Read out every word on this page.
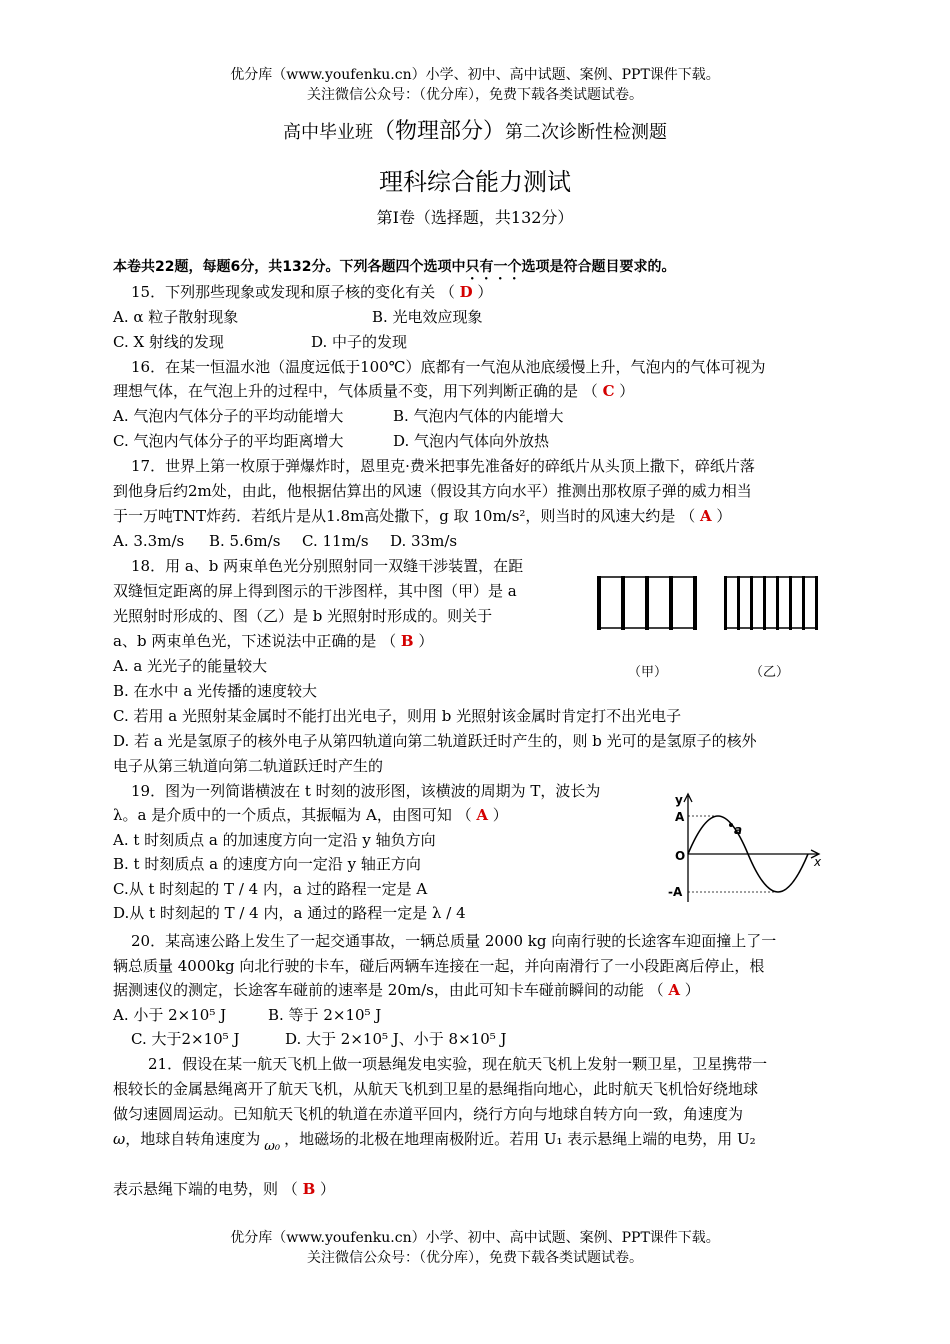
优分库（www.youfenku.cn）小学、初中、高中试题、案例、PPT课件下载。
关注微信公众号：（优分库），免费下载各类试题试卷。
高中毕业班（物理部分）第二次诊断性检测题
理科综合能力测试
第Ⅰ卷（选择题，共132分）
本卷共22题，每题6分，共132分。下列各题四个选项中只有一个选项是符合题目要求的。
15．下列那些现象或发现和原子核的变化有关 （ D ）
A. α 粒子散射现象	B. 光电效应现象
C. X 射线的发现	D. 中子的发现
16．在某一恒温水池（温度远低于100℃）底都有一气泡从池底缓慢上升，气泡内的气体可视为
理想气体，在气泡上升的过程中，气体质量不变，用下列判断正确的是 （ C ）
A. 气泡内气体分子的平均动能增大	B. 气泡内气体的内能增大
C. 气泡内气体分子的平均距离增大	D. 气泡内气体向外放热
17．世界上第一枚原于弹爆炸时，恩里克·费米把事先准备好的碎纸片从头顶上撒下，碎纸片落
到他身后约2m处，由此，他根据估算出的风速（假设其方向水平）推测出那枚原子弹的威力相当
于一万吨TNT炸药．若纸片是从1.8m高处撒下，g 取 10m/s²，则当时的风速大约是 （ A ）
A. 3.3m/s B. 5.6m/s C. 11m/s D. 33m/s
18．用 a、b 两束单色光分别照射同一双缝干涉装置，在距
双缝恒定距离的屏上得到图示的干涉图样，其中图（甲）是 a
光照射时形成的、图（乙）是 b 光照射时形成的。则关于
a、b 两束单色光，下述说法中正确的是 （ B ）
A. a 光光子的能量较大
B. 在水中 a 光传播的速度较大
C. 若用 a 光照射某金属时不能打出光电子，则用 b 光照射该金属时肯定打不出光电子
D. 若 a 光是氢原子的核外电子从第四轨道向第二轨道跃迁时产生的，则 b 光可的是氢原子的核外
电子从第三轨道向第二轨道跃迁时产生的
（甲）	（乙）
19．图为一列简谐横波在 t 时刻的波形图，该横波的周期为 T，波长为
λ。a 是介质中的一个质点，其振幅为 A，由图可知 （ A ）
A. t 时刻质点 a 的加速度方向一定沿 y 轴负方向
B. t 时刻质点 a 的速度方向一定沿 y 轴正方向
C.从 t 时刻起的 T / 4 内，a 过的路程一定是 A
D.从 t 时刻起的 T / 4 内，a 通过的路程一定是 λ / 4
y
x
O
A
-A
a
20．某高速公路上发生了一起交通事故，一辆总质量 2000 kg 向南行驶的长途客车迎面撞上了一
辆总质量 4000kg 向北行驶的卡车，碰后两辆车连接在一起，并向南滑行了一小段距离后停止，根
据测速仪的测定，长途客车碰前的速率是 20m/s，由此可知卡车碰前瞬间的动能 （ A ）
A. 小于 2×10⁵ J	B. 等于 2×10⁵ J
C. 大于2×10⁵ J	D. 大于 2×10⁵ J、小于 8×10⁵ J
21．假设在某一航天飞机上做一项悬绳发电实验，现在航天飞机上发射一颗卫星，卫星携带一
根较长的金属悬绳离开了航天飞机，从航天飞机到卫星的悬绳指向地心，此时航天飞机恰好绕地球
做匀速圆周运动。已知航天飞机的轨道在赤道平回内，绕行方向与地球自转方向一致，角速度为
ω，地球自转角速度为 ω₀ ，地磁场的北极在地理南极附近。若用 U₁ 表示悬绳上端的电势，用 U₂
表示悬绳下端的电势，则 （ B ）
优分库（www.youfenku.cn）小学、初中、高中试题、案例、PPT课件下载。
关注微信公众号：（优分库），免费下载各类试题试卷。
